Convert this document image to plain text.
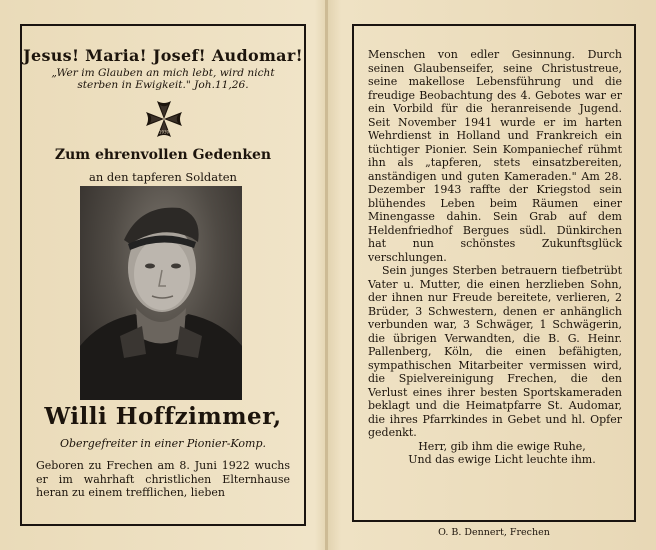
Jesus! Maria! Josef! Audomar!
„Wer im Glauben an mich lebt, wird nicht sterben in Ewigkeit." Joh.11,26.
1939
Zum ehrenvollen Gedenken
an den tapferen Soldaten
Willi Hoffzimmer,
Obergefreiter in einer Pionier-Komp.
Geboren zu Frechen am 8. Juni 1922 wuchs er im wahrhaft christlichen Elternhause heran zu einem trefflichen, lieben

Menschen von edler Gesinnung. Durch seinen Glaubenseifer, seine Christustreue, seine makellose Lebensführung und die freudige Beobachtung des 4. Gebotes war er ein Vorbild für die heranreisende Jugend. Seit November 1941 wurde er im harten Wehrdienst in Holland und Frankreich ein tüchtiger Pionier. Sein Kompaniechef rühmt ihn als „tapferen, stets einsatzbereiten, anständigen und guten Kameraden." Am 28. Dezember 1943 raffte der Kriegstod sein blühendes Leben beim Räumen einer Minengasse dahin. Sein Grab auf dem Heldenfriedhof Bergues südl. Dünkirchen hat nun schönstes Zukunftsglück verschlungen.

Sein junges Sterben betrauern tiefbetrübt Vater u. Mutter, die einen herzlieben Sohn, der ihnen nur Freude bereitete, verlieren, 2 Brüder, 3 Schwestern, denen er anhänglich verbunden war, 3 Schwäger, 1 Schwägerin, die übrigen Verwandten, die B. G. Heinr. Pallenberg, Köln, die einen befähigten, sympathischen Mitarbeiter vermissen wird, die Spielvereinigung Frechen, die den Verlust eines ihrer besten Sportskameraden beklagt und die Heimatpfarre St. Audomar, die ihres Pfarrkindes in Gebet und hl. Opfer gedenkt.

Herr, gib ihm die ewige Ruhe,

Und das ewige Licht leuchte ihm.

O. B. Dennert, Frechen
